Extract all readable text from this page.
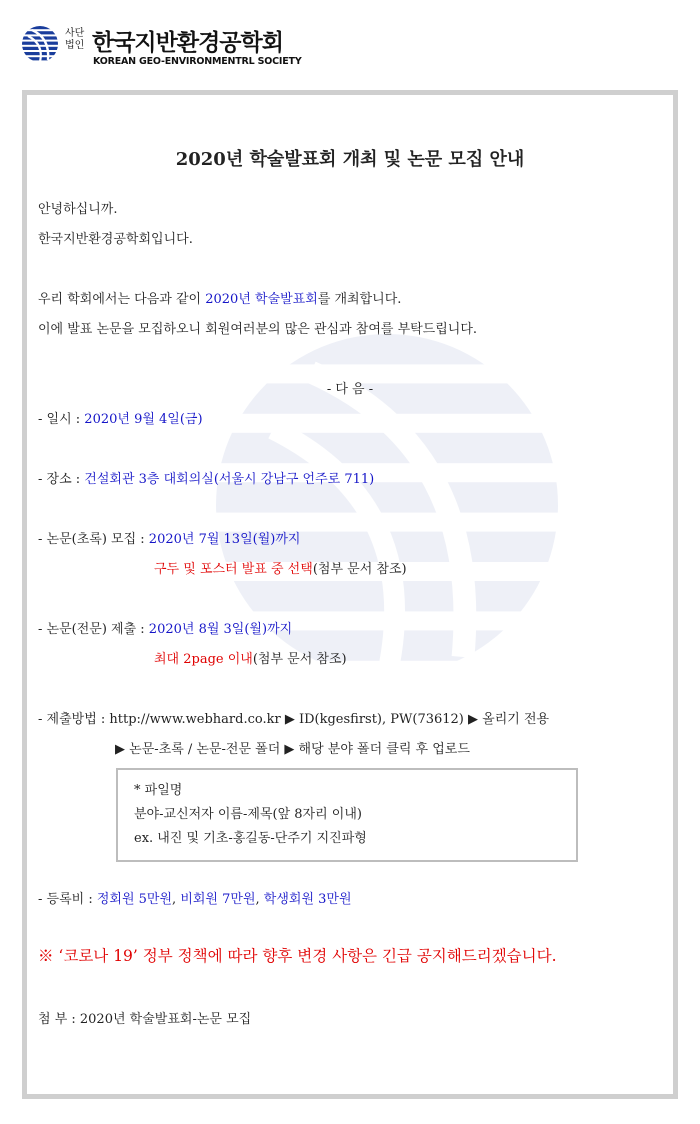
사단
법인 한국지반환경공학회
KOREAN GEO-ENVIRONMENTRL SOCIETY
2020년 학술발표회 개최 및 논문 모집 안내
안녕하십니까.
한국지반환경공학회입니다.
우리 학회에서는 다음과 같이 2020년 학술발표회를 개최합니다.
이에 발표 논문을 모집하오니 회원여러분의 많은 관심과 참여를 부탁드립니다.
- 다 음 -
- 일시 : 2020년 9월 4일(금)
- 장소 : 건설회관 3층 대회의실(서울시 강남구 언주로 711)
- 논문(초록) 모집 : 2020년 7월 13일(월)까지
구두 및 포스터 발표 중 선택(첨부 문서 참조)
- 논문(전문) 제출 : 2020년 8월 3일(월)까지
최대 2page 이내(첨부 문서 참조)
- 제출방법 : http://www.webhard.co.kr ▶ ID(kgesfirst), PW(73612) ▶ 올리기 전용
▶ 논문-초록 / 논문-전문 폴더 ▶ 해당 분야 폴더 클릭 후 업로드
* 파일명
분야-교신저자 이름-제목(앞 8자리 이내)
ex. 내진 및 기초-홍길동-단주기 지진파형
- 등록비 : 정회원 5만원, 비회원 7만원, 학생회원 3만원
※ ‘코로나 19’ 정부 정책에 따라 향후 변경 사항은 긴급 공지해드리겠습니다.
첨 부 : 2020년 학술발표회-논문 모집
